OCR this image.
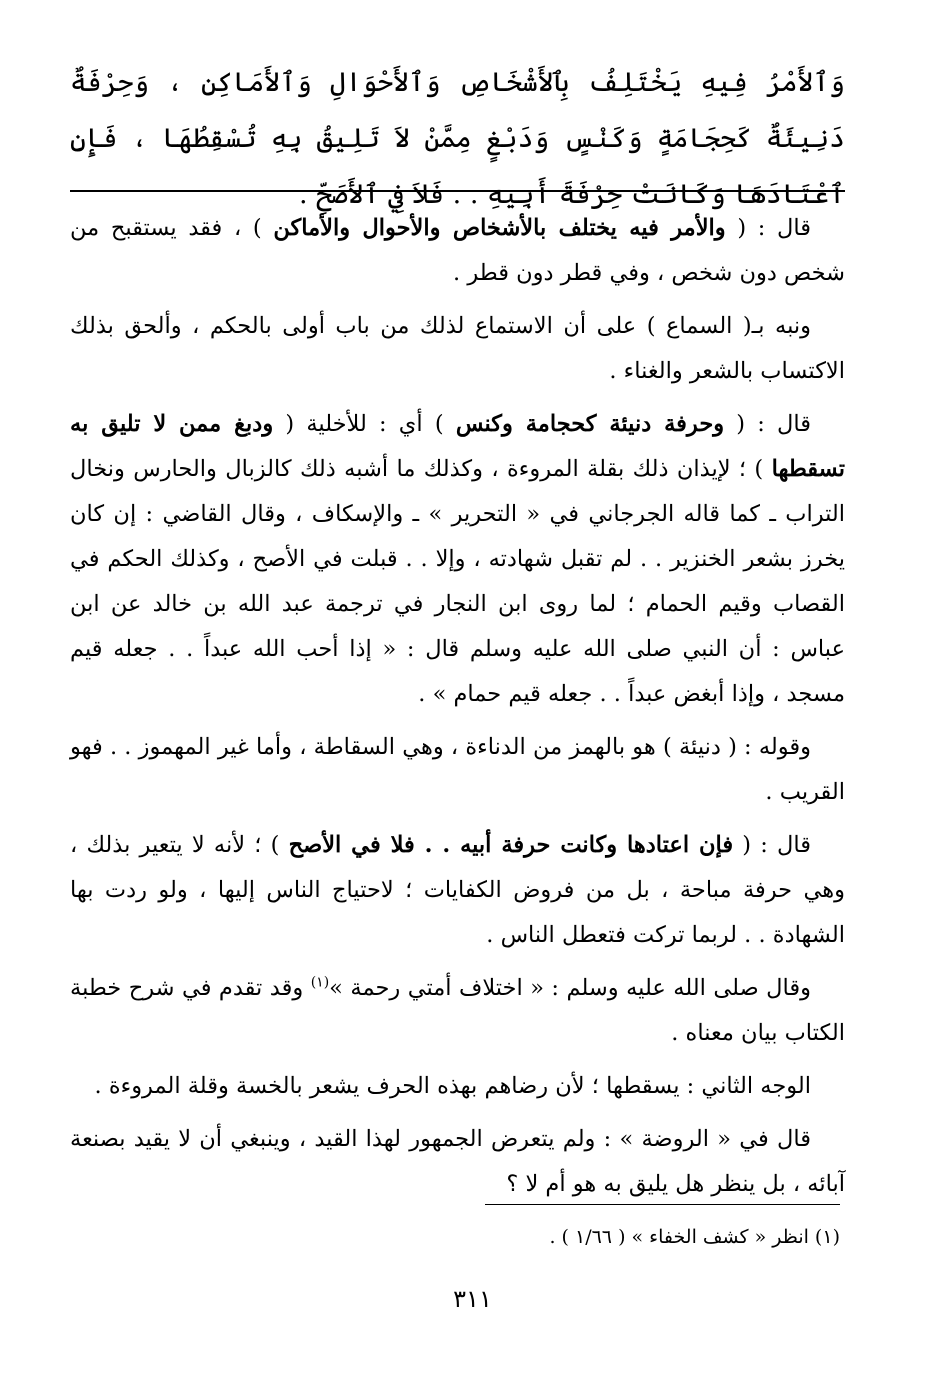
وَٱلأَمْرُ فِيهِ يَخْتَلِفُ بِٱلأَشْخَاصِ وَٱلأَحْوَالِ وَٱلأَمَاكِنِ ، وَحِرْفَةٌ دَنِيئَةٌ كَحِجَامَةٍ وَكَنْسٍ وَدَبْغٍ مِمَّنْ لاَ تَلِيقُ بِهِ تُسْقِطُهَا ، فَإِنِ ٱعْتَادَهَا وَكَانَتْ حِرْفَةَ أَبِيهِ . . فَلاَ فِي ٱلأَصَحِّ .

قال : ( والأمر فيه يختلف بالأشخاص والأحوال والأماكن ) ، فقد يستقبح من شخص دون شخص ، وفي قطر دون قطر .

ونبه بـ( السماع ) على أن الاستماع لذلك من باب أولى بالحكم ، وألحق بذلك الاكتساب بالشعر والغناء .

قال : ( وحرفة دنيئة كحجامة وكنس ) أي : للأخلية ( ودبغ ممن لا تليق به تسقطها ) ؛ لإيذان ذلك بقلة المروءة ، وكذلك ما أشبه ذلك كالزبال والحارس ونخال التراب ـ كما قاله الجرجاني في « التحرير » ـ والإسكاف ، وقال القاضي : إن كان يخرز بشعر الخنزير . . لم تقبل شهادته ، وإلا . . قبلت في الأصح ، وكذلك الحكم في القصاب وقيم الحمام ؛ لما روى ابن النجار في ترجمة عبد الله بن خالد عن ابن عباس : أن النبي صلى الله عليه وسلم قال : « إذا أحب الله عبداً . . جعله قيم مسجد ، وإذا أبغض عبداً . . جعله قيم حمام » .

وقوله : ( دنيئة ) هو بالهمز من الدناءة ، وهي السقاطة ، وأما غير المهموز . . فهو القريب .

قال : ( فإن اعتادها وكانت حرفة أبيه . . فلا في الأصح ) ؛ لأنه لا يتعير بذلك ، وهي حرفة مباحة ، بل من فروض الكفايات ؛ لاحتياج الناس إليها ، ولو ردت بها الشهادة . . لربما تركت فتعطل الناس .

وقال صلى الله عليه وسلم : « اختلاف أمتي رحمة »$^{(١)}$ وقد تقدم في شرح خطبة الكتاب بيان معناه .

الوجه الثاني : يسقطها ؛ لأن رضاهم بهذه الحرف يشعر بالخسة وقلة المروءة .

قال في « الروضة » : ولم يتعرض الجمهور لهذا القيد ، وينبغي أن لا يقيد بصنعة آبائه ، بل ينظر هل يليق به هو أم لا ؟

(١) انظر « كشف الخفاء » ( ١/٦٦ ) .
٣١١
